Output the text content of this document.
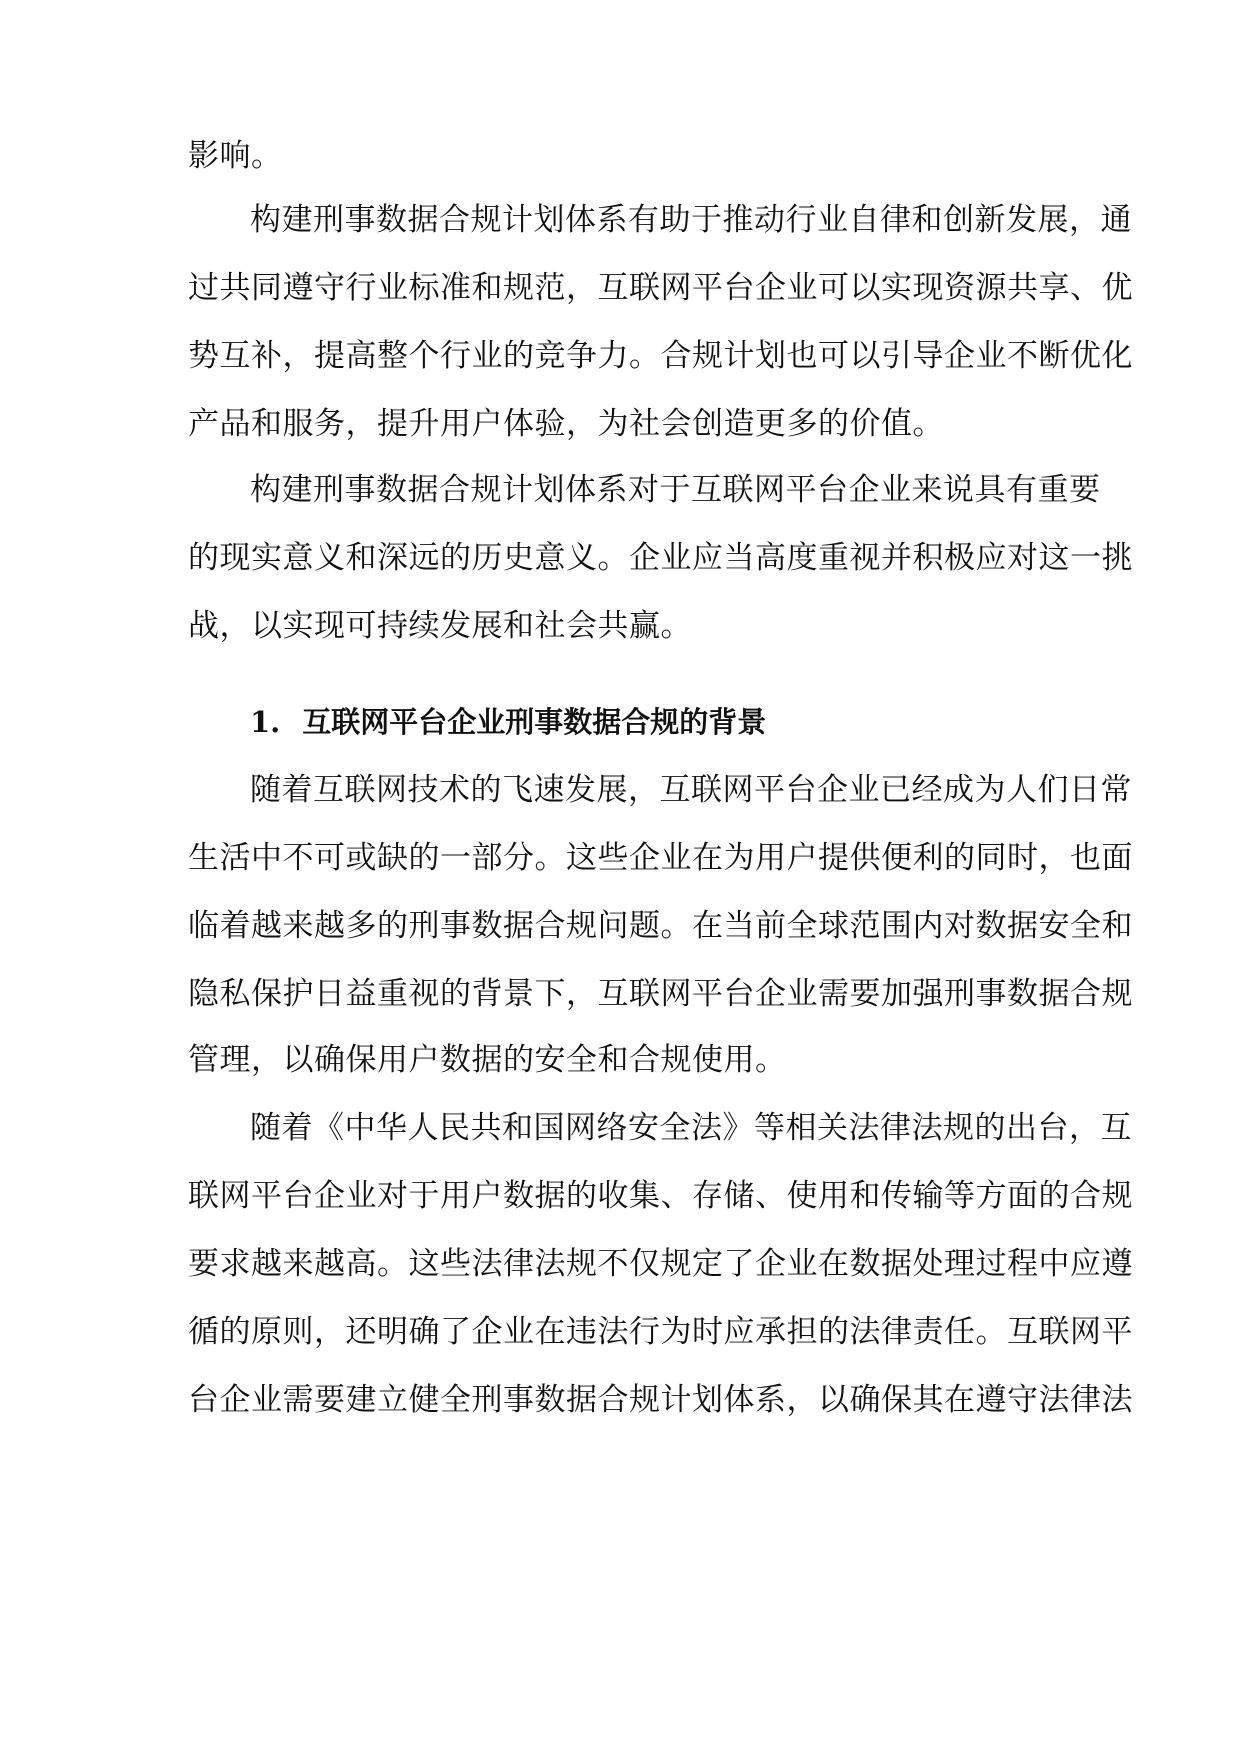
影响。
构建刑事数据合规计划体系有助于推动行业自律和创新发展，通
过共同遵守行业标准和规范，互联网平台企业可以实现资源共享、优
势互补，提高整个行业的竞争力。合规计划也可以引导企业不断优化
产品和服务，提升用户体验，为社会创造更多的价值。
构建刑事数据合规计划体系对于互联网平台企业来说具有重要
的现实意义和深远的历史意义。企业应当高度重视并积极应对这一挑
战，以实现可持续发展和社会共赢。
1. 互联网平台企业刑事数据合规的背景
随着互联网技术的飞速发展，互联网平台企业已经成为人们日常
生活中不可或缺的一部分。这些企业在为用户提供便利的同时，也面
临着越来越多的刑事数据合规问题。在当前全球范围内对数据安全和
隐私保护日益重视的背景下，互联网平台企业需要加强刑事数据合规
管理，以确保用户数据的安全和合规使用。
随着《中华人民共和国网络安全法》等相关法律法规的出台，互
联网平台企业对于用户数据的收集、存储、使用和传输等方面的合规
要求越来越高。这些法律法规不仅规定了企业在数据处理过程中应遵
循的原则，还明确了企业在违法行为时应承担的法律责任。互联网平
台企业需要建立健全刑事数据合规计划体系，以确保其在遵守法律法
